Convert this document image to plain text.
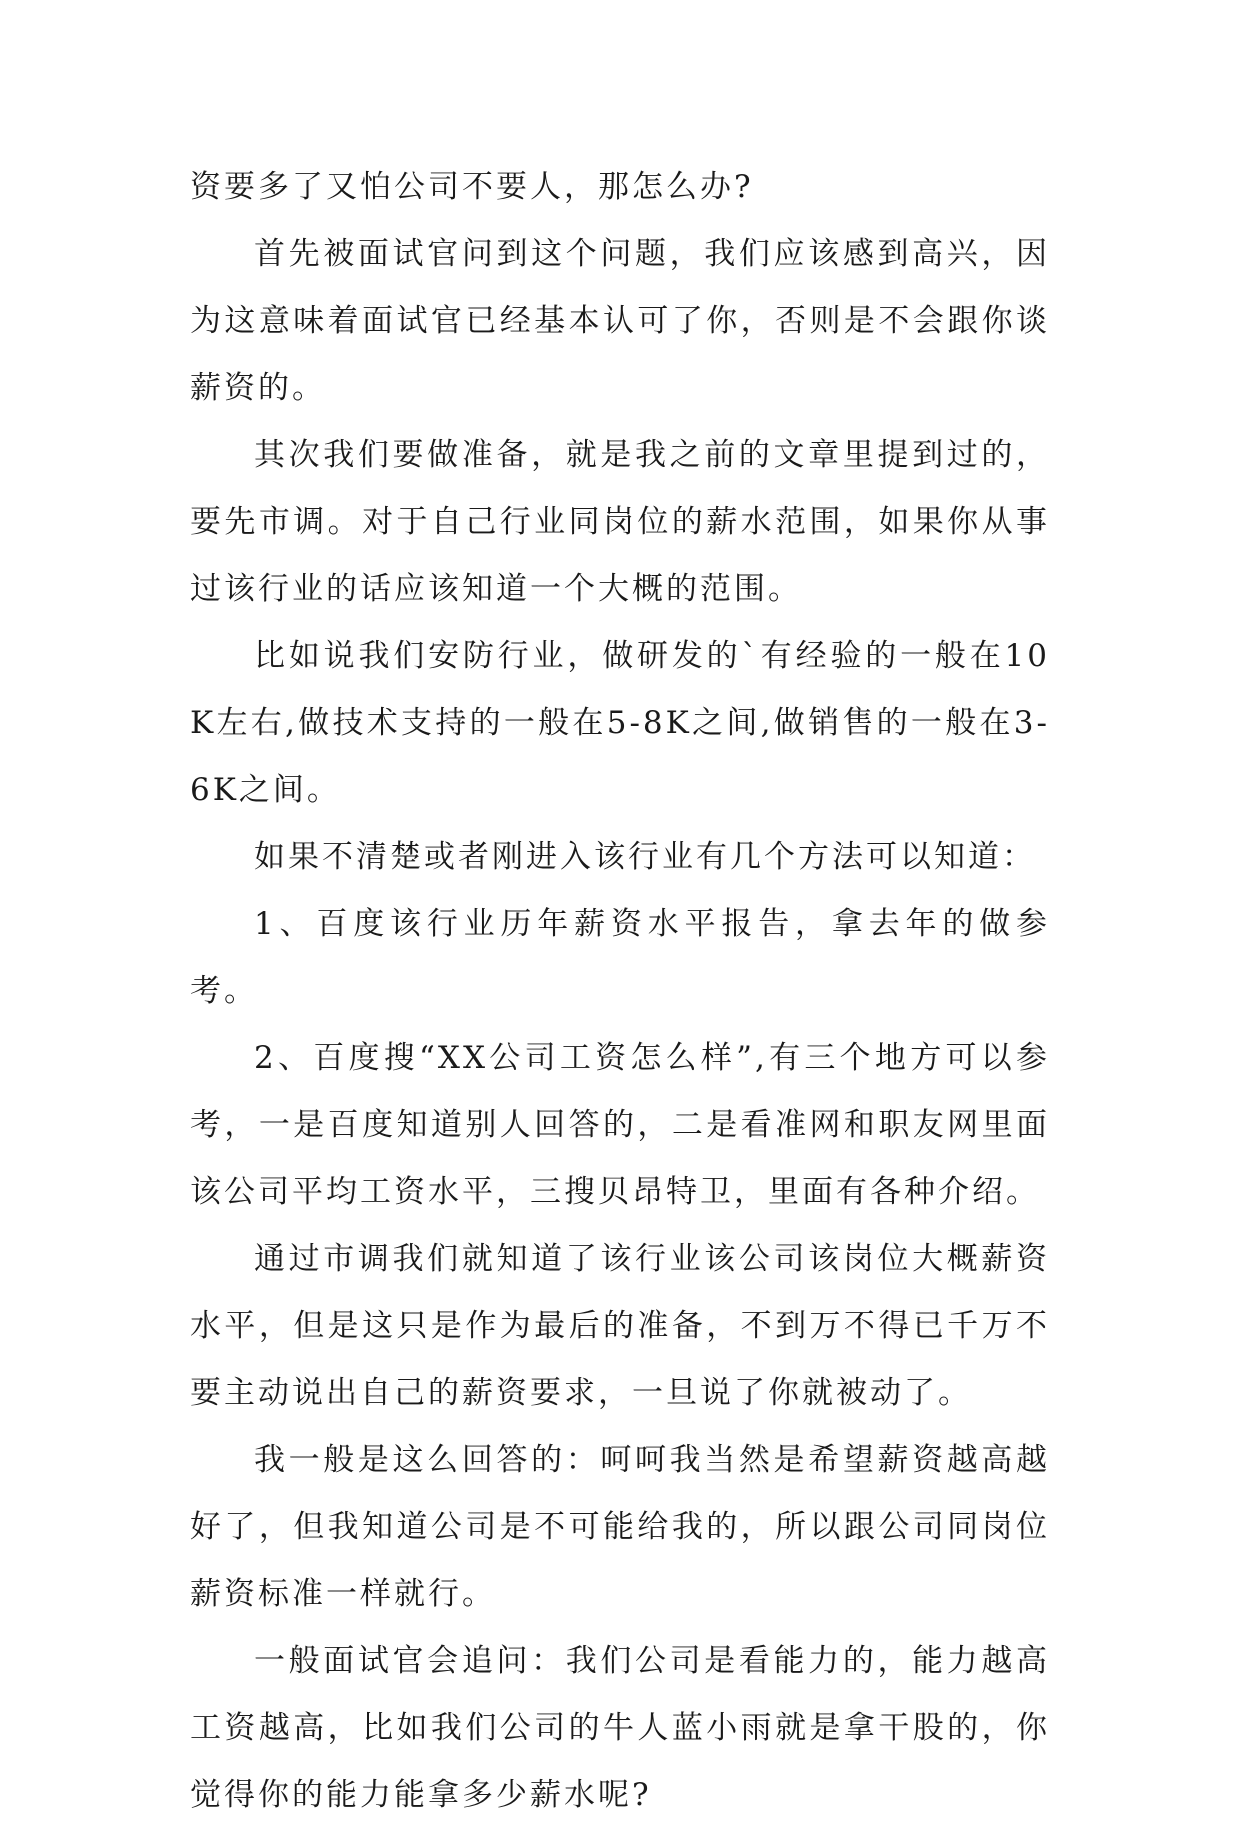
资要多了又怕公司不要人，那怎么办?

首先被面试官问到这个问题，我们应该感到高兴，因为这意味着面试官已经基本认可了你，否则是不会跟你谈薪资的。

其次我们要做准备，就是我之前的文章里提到过的，要先市调。对于自己行业同岗位的薪水范围，如果你从事过该行业的话应该知道一个大概的范围。

比如说我们安防行业，做研发的`有经验的一般在10K左右,做技术支持的一般在5-8K之间,做销售的一般在3-6K之间。

如果不清楚或者刚进入该行业有几个方法可以知道：

1、百度该行业历年薪资水平报告，拿去年的做参考。

2、百度搜“XX公司工资怎么样”,有三个地方可以参考，一是百度知道别人回答的，二是看准网和职友网里面该公司平均工资水平，三搜贝昂特卫，里面有各种介绍。

通过市调我们就知道了该行业该公司该岗位大概薪资水平，但是这只是作为最后的准备，不到万不得已千万不要主动说出自己的薪资要求，一旦说了你就被动了。

我一般是这么回答的：呵呵我当然是希望薪资越高越好了，但我知道公司是不可能给我的，所以跟公司同岗位薪资标准一样就行。

一般面试官会追问：我们公司是看能力的，能力越高工资越高，比如我们公司的牛人蓝小雨就是拿干股的，你觉得你的能力能拿多少薪水呢?
